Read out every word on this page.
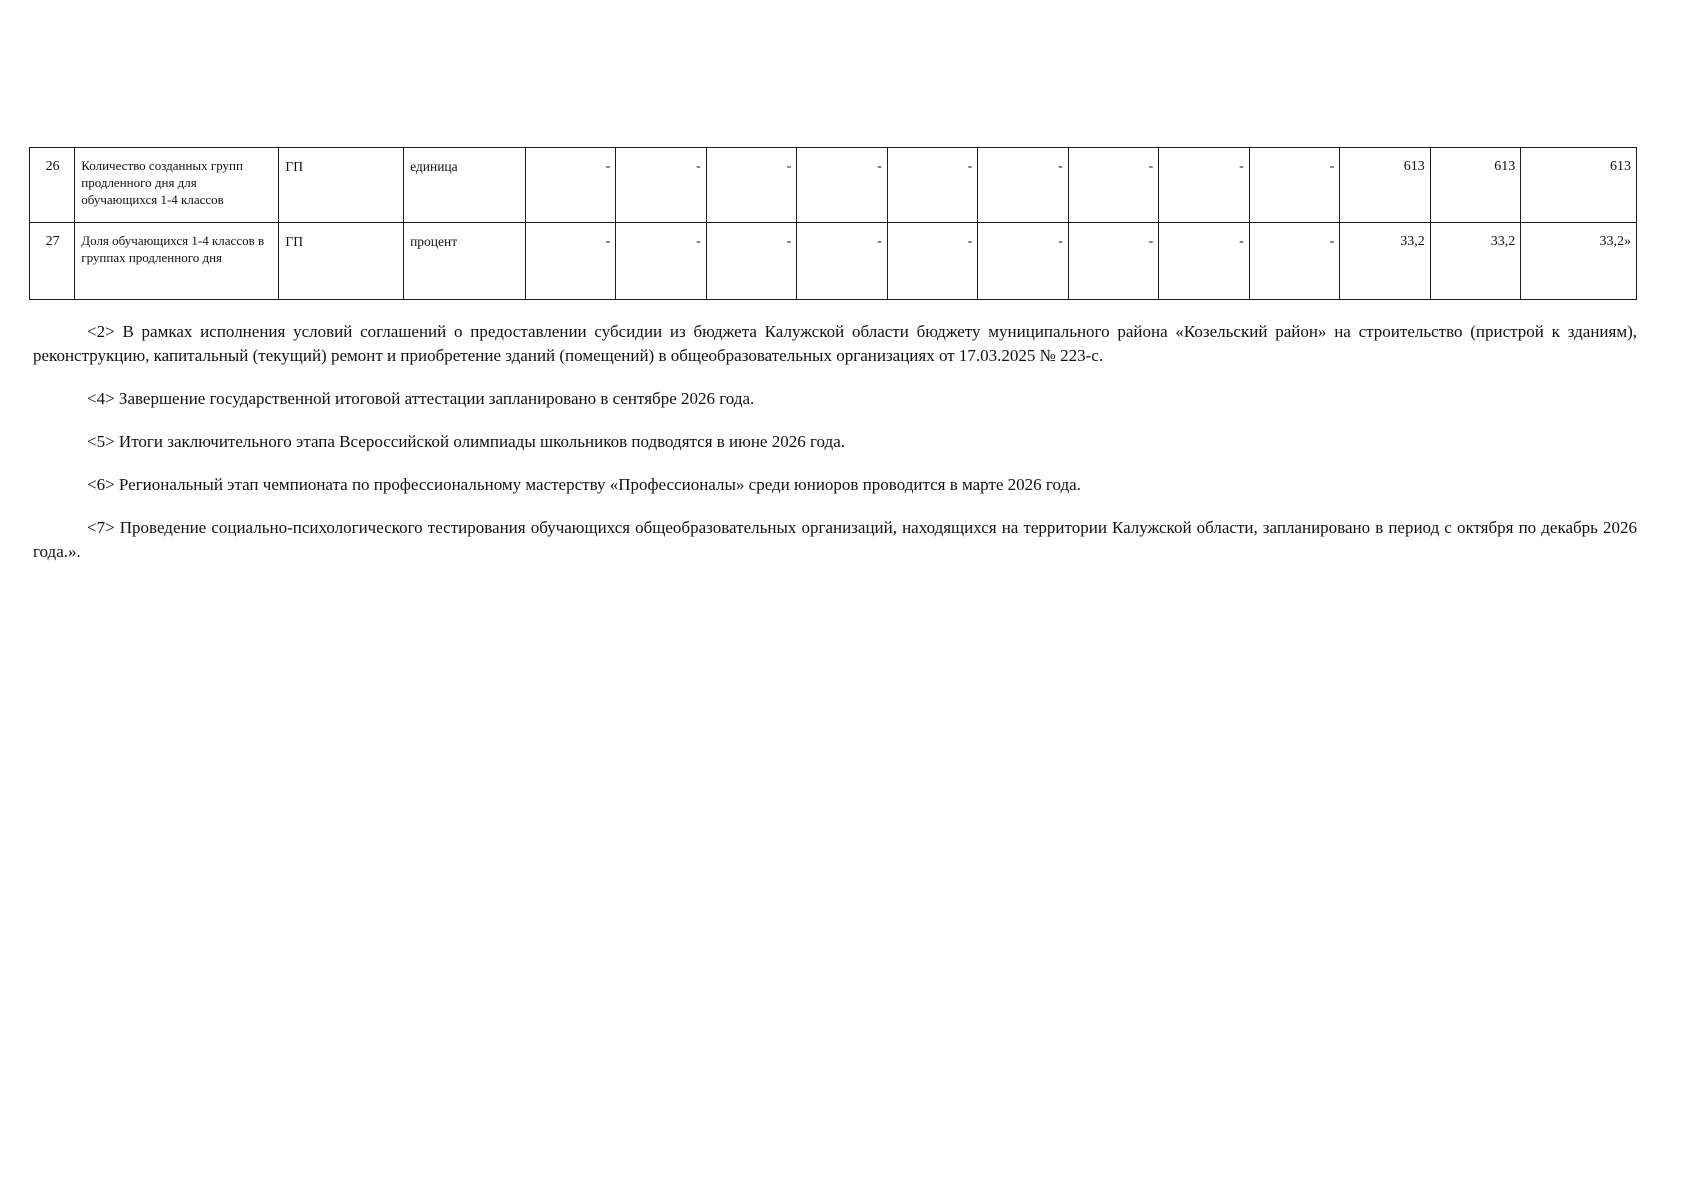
26	Количество созданных групп продленного дня для обучающихся 1-4 классов	ГП	единица	-	-	-	-	-	-	-	-	-	613	613	613
27	Доля обучающихся 1-4 классов в группах продленного дня	ГП	процент	-	-	-	-	-	-	-	-	-	33,2	33,2	33,2»

<2> В рамках исполнения условий соглашений о предоставлении субсидии из бюджета Калужской области бюджету муниципального района «Козельский район» на строительство (пристрой к зданиям), реконструкцию, капитальный (текущий) ремонт и приобретение зданий (помещений) в общеобразовательных организациях от 17.03.2025 № 223-с.

<4> Завершение государственной итоговой аттестации запланировано в сентябре 2026 года.

<5> Итоги заключительного этапа Всероссийской олимпиады школьников подводятся в июне 2026 года.

<6> Региональный этап чемпионата по профессиональному мастерству «Профессионалы» среди юниоров проводится в марте 2026 года.

<7> Проведение социально-психологического тестирования обучающихся общеобразовательных организаций, находящихся на территории Калужской области, запланировано в период с октября по декабрь 2026 года.».
